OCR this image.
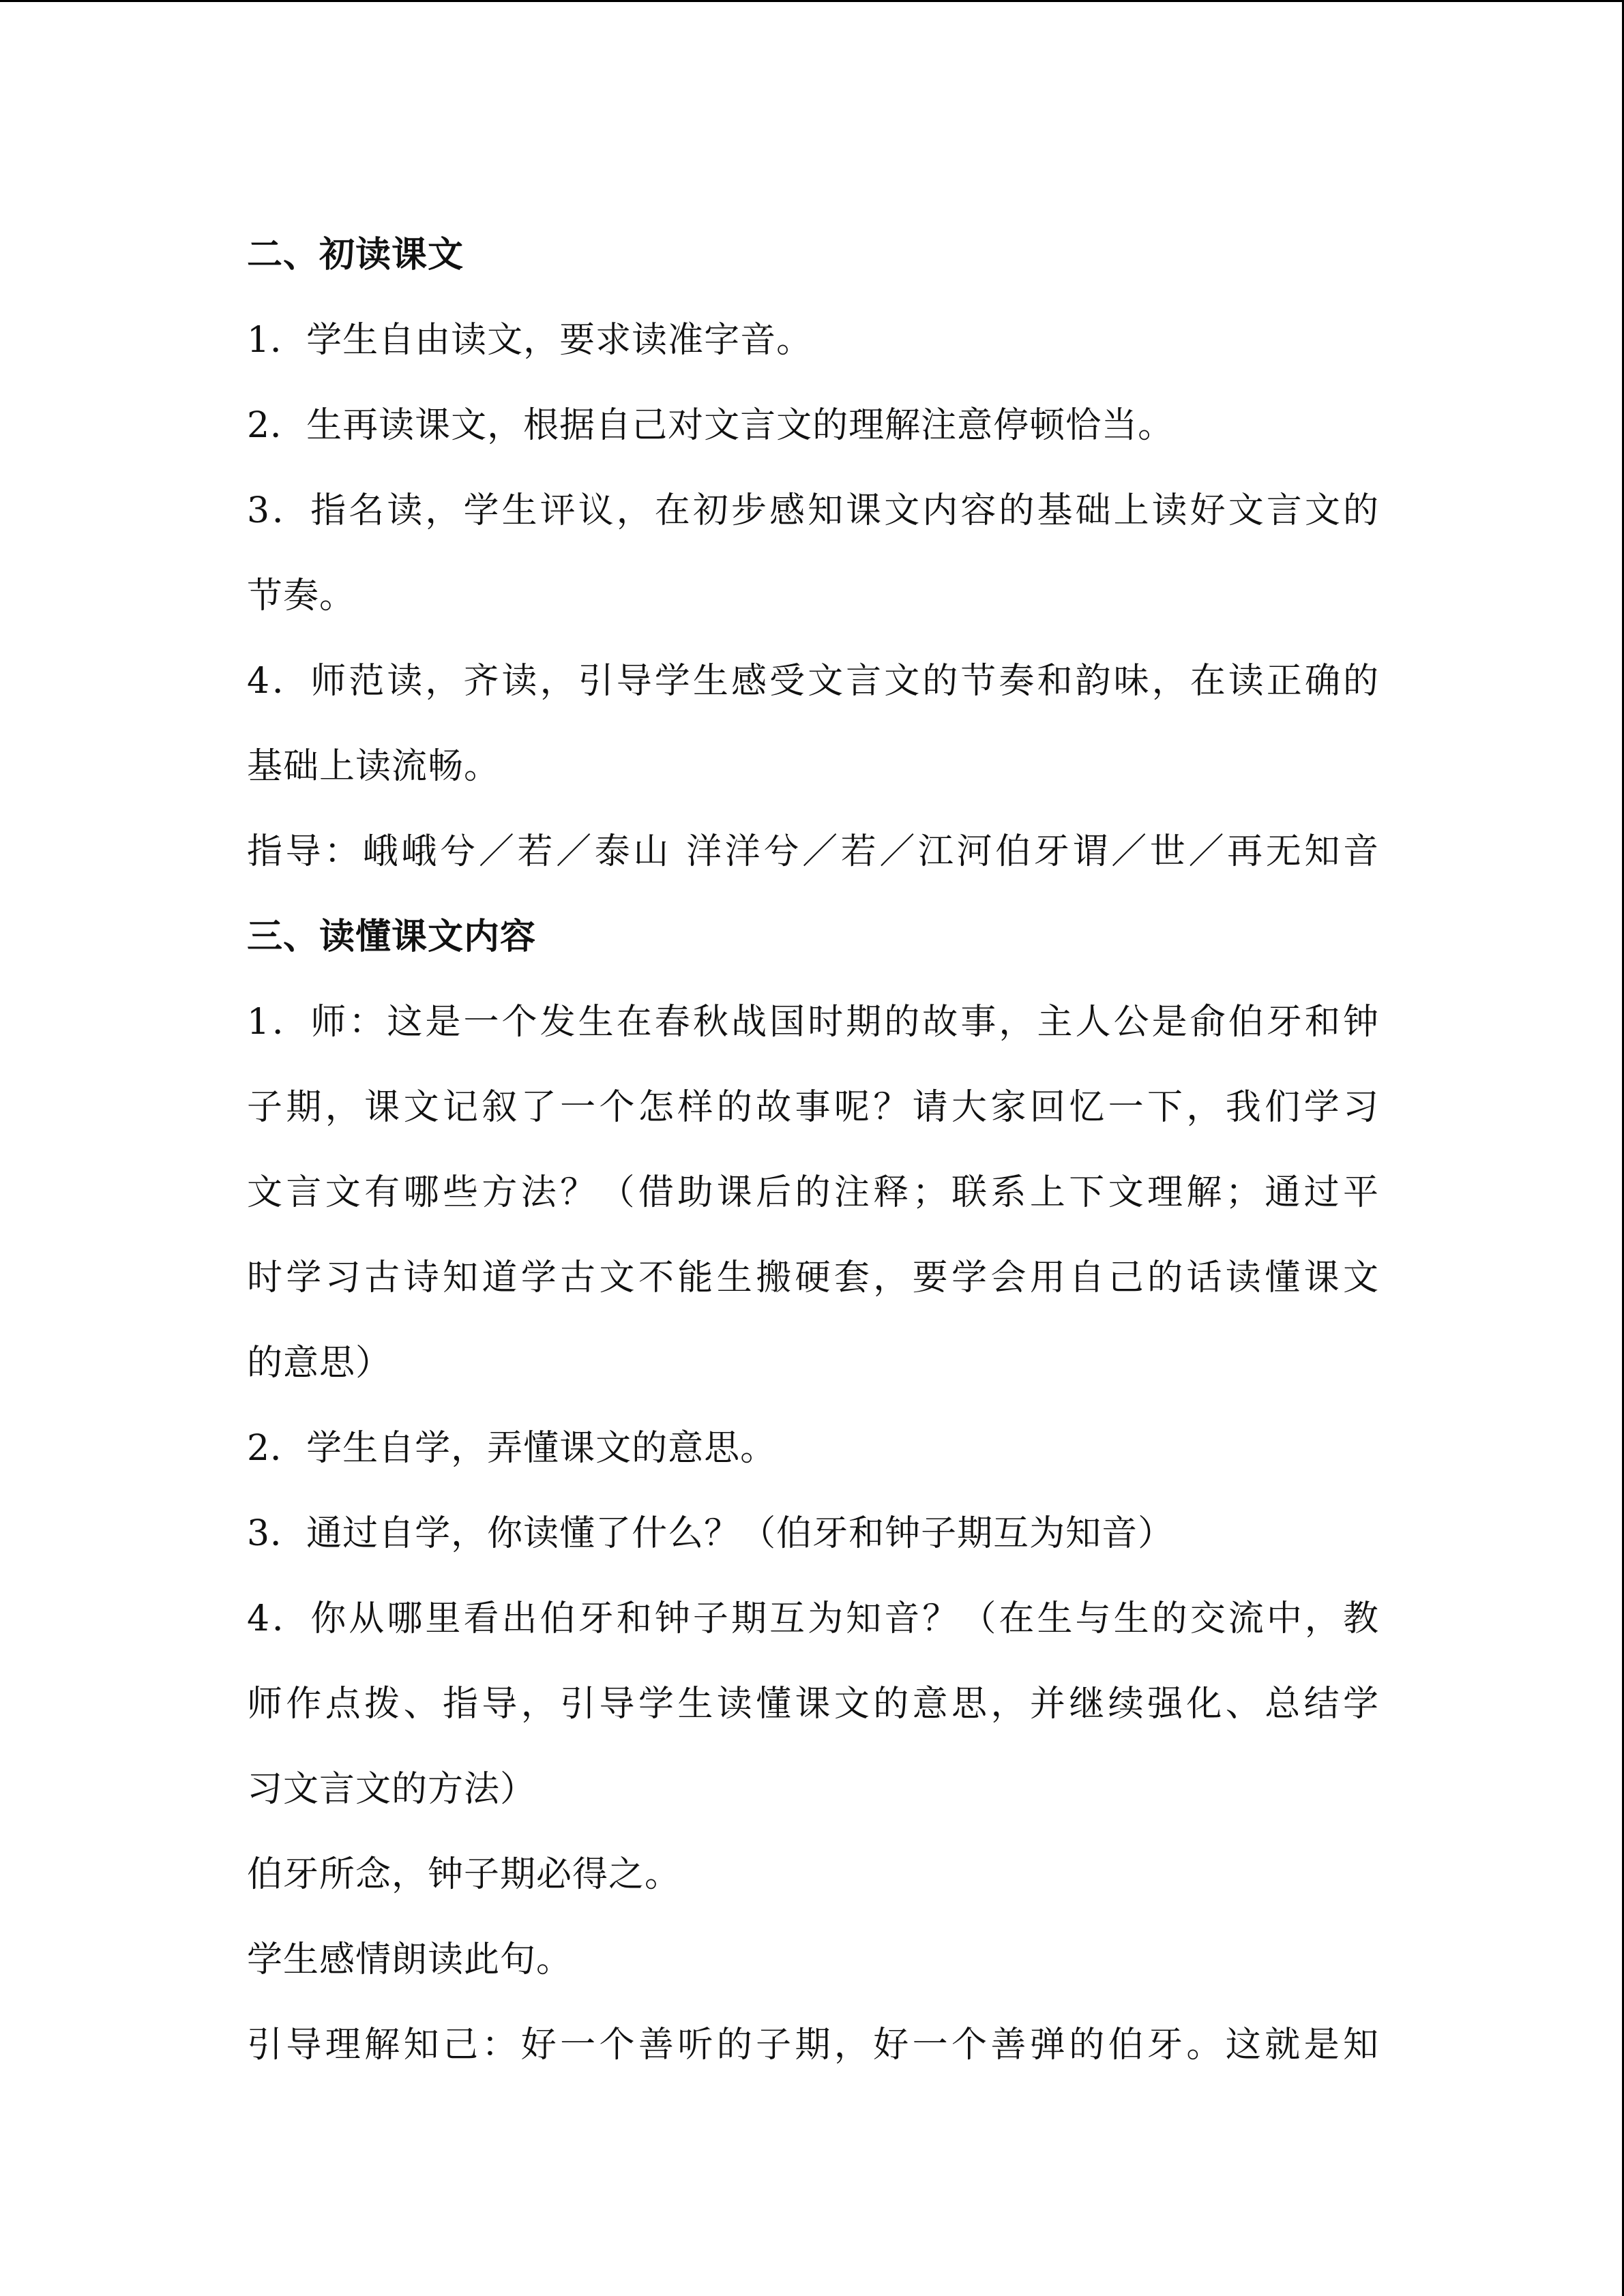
二、初读课文
1．学生自由读文，要求读准字音。
2．生再读课文，根据自己对文言文的理解注意停顿恰当。
3．指名读，学生评议，在初步感知课文内容的基础上读好文言文的
节奏。
4．师范读，齐读，引导学生感受文言文的节奏和韵味，在读正确的
基础上读流畅。
指导：峨峨兮／若／泰山 洋洋兮／若／江河伯牙谓／世／再无知音
三、读懂课文内容
1．师：这是一个发生在春秋战国时期的故事，主人公是俞伯牙和钟
子期，课文记叙了一个怎样的故事呢？请大家回忆一下，我们学习
文言文有哪些方法？（借助课后的注释；联系上下文理解；通过平
时学习古诗知道学古文不能生搬硬套，要学会用自己的话读懂课文
的意思）
2．学生自学，弄懂课文的意思。
3．通过自学，你读懂了什么？（伯牙和钟子期互为知音）
4．你从哪里看出伯牙和钟子期互为知音？（在生与生的交流中，教
师作点拨、指导，引导学生读懂课文的意思，并继续强化、总结学
习文言文的方法）
伯牙所念，钟子期必得之。
学生感情朗读此句。
引导理解知己：好一个善听的子期，好一个善弹的伯牙。这就是知
